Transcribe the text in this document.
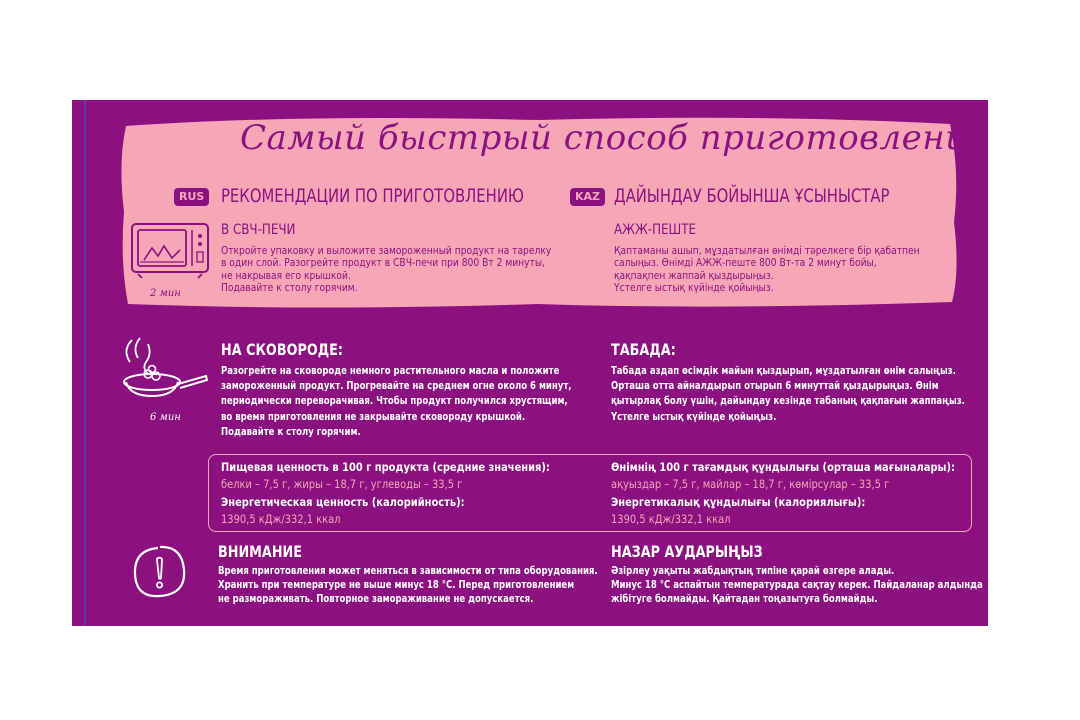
Самый быстрый способ приготовления
RUS РЕКОМЕНДАЦИИ ПО ПРИГОТОВЛЕНИЮ	KAZ ДАЙЫНДАУ БОЙЫНША ҰСЫНЫСТАР
2 мин
В СВЧ-ПЕЧИ
Откройте упаковку и выложите замороженный продукт на тарелку
в один слой. Разогрейте продукт в СВЧ-печи при 800 Вт 2 минуты,
не накрывая его крышкой.
Подавайте к столу горячим.
АЖЖ-ПЕШТЕ
Қаптаманы ашып, мұздатылған өнімді тәрелкеге бір қабатпен
салыңыз. Өнімді АЖЖ-пеште 800 Вт-та 2 минут бойы,
қақпақпен жаппай қыздырыңыз.
Үстелге ыстық күйінде қойыңыз.
6 мин
НА СКОВОРОДЕ:
Разогрейте на сковороде немного растительного масла и положите
замороженный продукт. Прогревайте на среднем огне около 6 минут,
периодически переворачивая. Чтобы продукт получился хрустящим,
во время приготовления не закрывайте сковороду крышкой.
Подавайте к столу горячим.
ТАБАДА:
Табада аздап өсімдік майын қыздырып, мұздатылған өнім салыңыз.
Орташа отта айналдырып отырып 6 минуттай қыздырыңыз. Өнім
қытырлақ болу үшін, дайындау кезінде табаның қақпағын жаппаңыз.
Үстелге ыстық күйінде қойыңыз.
Пищевая ценность в 100 г продукта (средние значения):
белки – 7,5 г, жиры – 18,7 г, углеводы – 33,5 г
Энергетическая ценность (калорийность):
1390,5 кДж/332,1 ккал
Өнімнің 100 г тағамдық құндылығы (орташа мағыналары):
ақуыздар – 7,5 г, майлар – 18,7 г, көмірсулар – 33,5 г
Энергетикалық құндылығы (калориялығы):
1390,5 кДж/332,1 ккал
ВНИМАНИЕ
Время приготовления может меняться в зависимости от типа оборудования.
Хранить при температуре не выше минус 18 °C. Перед приготовлением
не размораживать. Повторное замораживание не допускается.
НАЗАР АУДАРЫҢЫЗ
Әзірлеу уақыты жабдықтың типіне қарай өзгере алады.
Минус 18 °C аспайтын температурада сақтау керек. Пайдаланар алдында
жібітуге болмайды. Қайтадан тоңазытуға болмайды.
